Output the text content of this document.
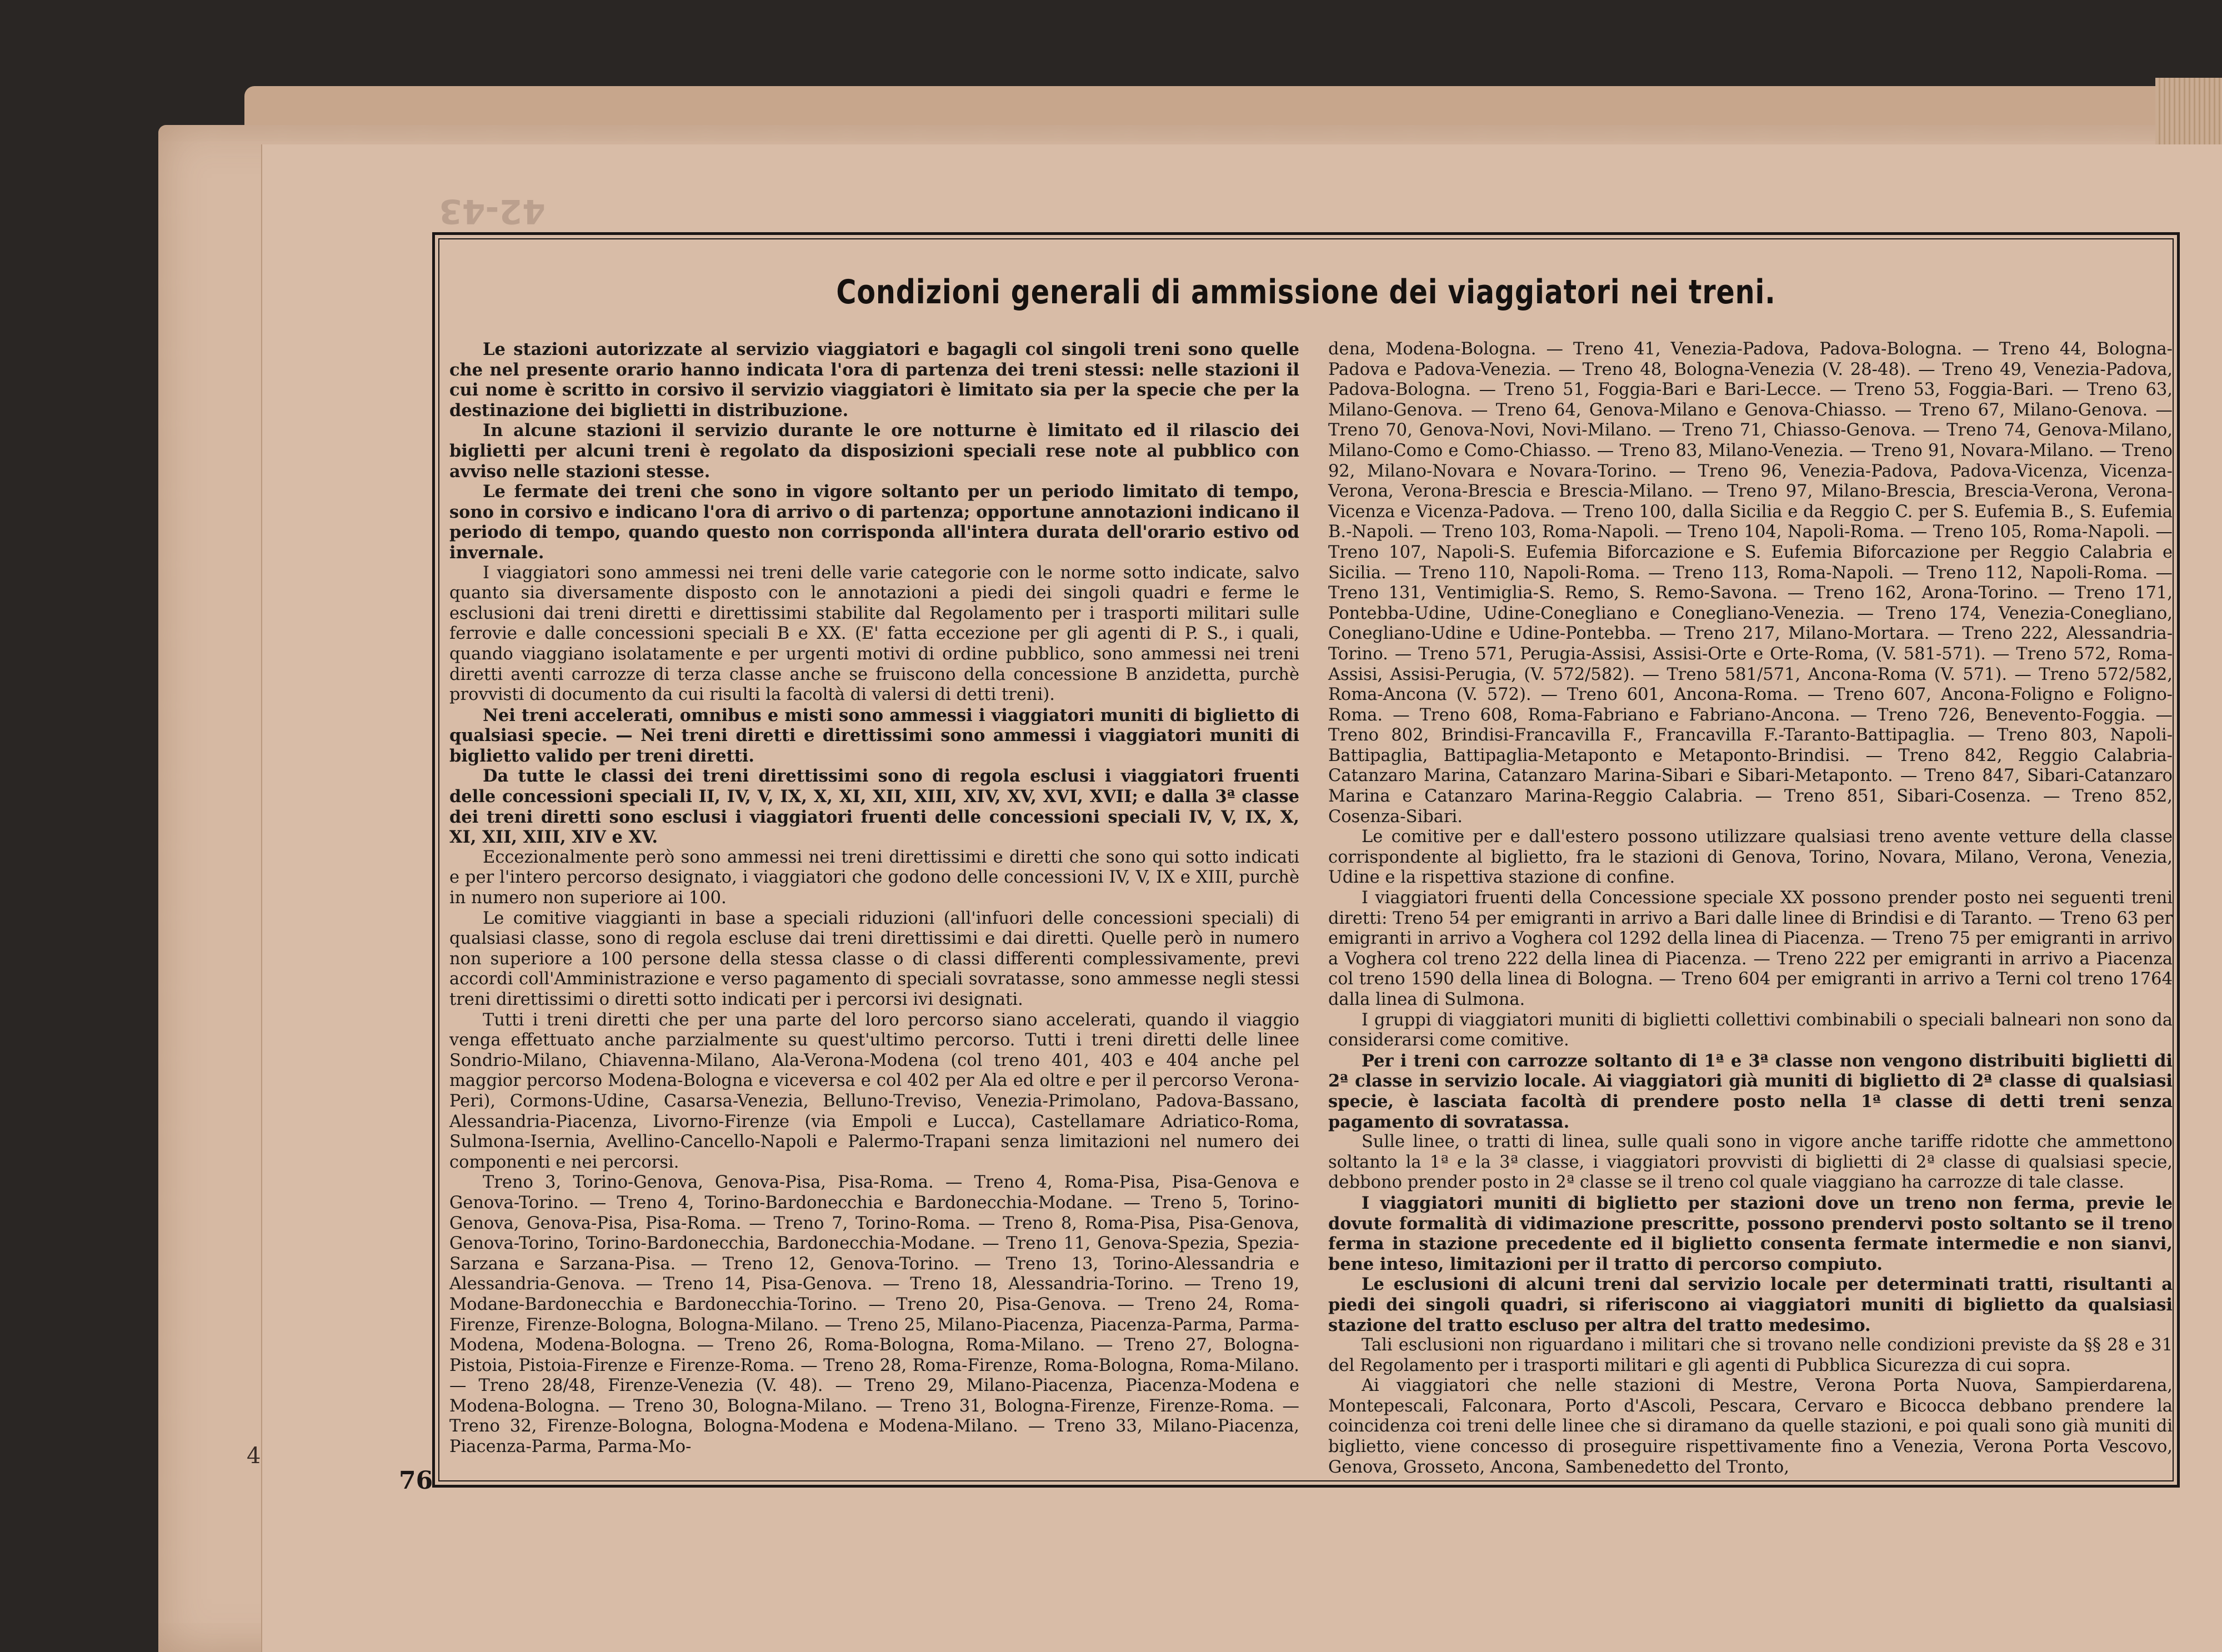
42-43
4
76
Condizioni generali di ammissione dei viaggiatori nei treni.

Le stazioni autorizzate al servizio viaggiatori e bagagli col singoli treni sono quelle che nel presente orario hanno indicata l'ora di partenza dei treni stessi: nelle stazioni il cui nome è scritto in corsivo il servizio viaggiatori è limitato sia per la specie che per la destinazione dei biglietti in distribuzione.

In alcune stazioni il servizio durante le ore notturne è limitato ed il rilascio dei biglietti per alcuni treni è regolato da disposizioni speciali rese note al pubblico con avviso nelle stazioni stesse.

Le fermate dei treni che sono in vigore soltanto per un periodo limitato di tempo, sono in corsivo e indicano l'ora di arrivo o di partenza; opportune annotazioni indicano il periodo di tempo, quando questo non corrisponda all'intera durata dell'orario estivo od invernale.

I viaggiatori sono ammessi nei treni delle varie categorie con le norme sotto indicate, salvo quanto sia diversamente disposto con le annotazioni a piedi dei singoli quadri e ferme le esclusioni dai treni diretti e direttissimi stabilite dal Regolamento per i trasporti militari sulle ferrovie e dalle concessioni speciali B e XX. (E' fatta eccezione per gli agenti di P. S., i quali, quando viaggiano isolatamente e per urgenti motivi di ordine pubblico, sono ammessi nei treni diretti aventi carrozze di terza classe anche se fruiscono della concessione B anzidetta, purchè provvisti di documento da cui risulti la facoltà di valersi di detti treni).

Nei treni accelerati, omnibus e misti sono ammessi i viaggiatori muniti di biglietto di qualsiasi specie. — Nei treni diretti e direttissimi sono ammessi i viaggiatori muniti di biglietto valido per treni diretti.

Da tutte le classi dei treni direttissimi sono di regola esclusi i viaggiatori fruenti delle concessioni speciali II, IV, V, IX, X, XI, XII, XIII, XIV, XV, XVI, XVII; e dalla 3ª classe dei treni diretti sono esclusi i viaggiatori fruenti delle concessioni speciali IV, V, IX, X, XI, XII, XIII, XIV e XV.

Eccezionalmente però sono ammessi nei treni direttissimi e diretti che sono qui sotto indicati e per l'intero percorso designato, i viaggiatori che godono delle concessioni IV, V, IX e XIII, purchè in numero non superiore ai 100.

Le comitive viaggianti in base a speciali riduzioni (all'infuori delle concessioni speciali) di qualsiasi classe, sono di regola escluse dai treni direttissimi e dai diretti. Quelle però in numero non superiore a 100 persone della stessa classe o di classi differenti complessivamente, previ accordi coll'Amministrazione e verso pagamento di speciali sovratasse, sono ammesse negli stessi treni direttissimi o diretti sotto indicati per i percorsi ivi designati.

Tutti i treni diretti che per una parte del loro percorso siano accelerati, quando il viaggio venga effettuato anche parzialmente su quest'ultimo percorso. Tutti i treni diretti delle linee Sondrio-Milano, Chiavenna-Milano, Ala-Verona-Modena (col treno 401, 403 e 404 anche pel maggior percorso Modena-Bologna e viceversa e col 402 per Ala ed oltre e per il percorso Verona-Peri), Cormons-Udine, Casarsa-Venezia, Belluno-Treviso, Venezia-Primolano, Padova-Bassano, Alessandria-Piacenza, Livorno-Firenze (via Empoli e Lucca), Castellamare Adriatico-Roma, Sulmona-Isernia, Avellino-Cancello-Napoli e Palermo-Trapani senza limitazioni nel numero dei componenti e nei percorsi.

Treno 3, Torino-Genova, Genova-Pisa, Pisa-Roma. — Treno 4, Roma-Pisa, Pisa-Genova e Genova-Torino. — Treno 4, Torino-Bardonecchia e Bardonecchia-Modane. — Treno 5, Torino-Genova, Genova-Pisa, Pisa-Roma. — Treno 7, Torino-Roma. — Treno 8, Roma-Pisa, Pisa-Genova, Genova-Torino, Torino-Bardonecchia, Bardonecchia-Modane. — Treno 11, Genova-Spezia, Spezia-Sarzana e Sarzana-Pisa. — Treno 12, Genova-Torino. — Treno 13, Torino-Alessandria e Alessandria-Genova. — Treno 14, Pisa-Genova. — Treno 18, Alessandria-Torino. — Treno 19, Modane-Bardonecchia e Bardonecchia-Torino. — Treno 20, Pisa-Genova. — Treno 24, Roma-Firenze, Firenze-Bologna, Bologna-Milano. — Treno 25, Milano-Piacenza, Piacenza-Parma, Parma-Modena, Modena-Bologna. — Treno 26, Roma-Bologna, Roma-Milano. — Treno 27, Bologna-Pistoia, Pistoia-Firenze e Firenze-Roma. — Treno 28, Roma-Firenze, Roma-Bologna, Roma-Milano. — Treno 28/48, Firenze-Venezia (V. 48). — Treno 29, Milano-Piacenza, Piacenza-Modena e Modena-Bologna. — Treno 30, Bologna-Milano. — Treno 31, Bologna-Firenze, Firenze-Roma. — Treno 32, Firenze-Bologna, Bologna-Modena e Modena-Milano. — Treno 33, Milano-Piacenza, Piacenza-Parma, Parma-Mo-

dena, Modena-Bologna. — Treno 41, Venezia-Padova, Padova-Bologna. — Treno 44, Bologna-Padova e Padova-Venezia. — Treno 48, Bologna-Venezia (V. 28-48). — Treno 49, Venezia-Padova, Padova-Bologna. — Treno 51, Foggia-Bari e Bari-Lecce. — Treno 53, Foggia-Bari. — Treno 63, Milano-Genova. — Treno 64, Genova-Milano e Genova-Chiasso. — Treno 67, Milano-Genova. — Treno 70, Genova-Novi, Novi-Milano. — Treno 71, Chiasso-Genova. — Treno 74, Genova-Milano, Milano-Como e Como-Chiasso. — Treno 83, Milano-Venezia. — Treno 91, Novara-Milano. — Treno 92, Milano-Novara e Novara-Torino. — Treno 96, Venezia-Padova, Padova-Vicenza, Vicenza-Verona, Verona-Brescia e Brescia-Milano. — Treno 97, Milano-Brescia, Brescia-Verona, Verona-Vicenza e Vicenza-Padova. — Treno 100, dalla Sicilia e da Reggio C. per S. Eufemia B., S. Eufemia B.-Napoli. — Treno 103, Roma-Napoli. — Treno 104, Napoli-Roma. — Treno 105, Roma-Napoli. — Treno 107, Napoli-S. Eufemia Biforcazione e S. Eufemia Biforcazione per Reggio Calabria e Sicilia. — Treno 110, Napoli-Roma. — Treno 113, Roma-Napoli. — Treno 112, Napoli-Roma. — Treno 131, Ventimiglia-S. Remo, S. Remo-Savona. — Treno 162, Arona-Torino. — Treno 171, Pontebba-Udine, Udine-Conegliano e Conegliano-Venezia. — Treno 174, Venezia-Conegliano, Conegliano-Udine e Udine-Pontebba. — Treno 217, Milano-Mortara. — Treno 222, Alessandria-Torino. — Treno 571, Perugia-Assisi, Assisi-Orte e Orte-Roma, (V. 581-571). — Treno 572, Roma-Assisi, Assisi-Perugia, (V. 572/582). — Treno 581/571, Ancona-Roma (V. 571). — Treno 572/582, Roma-Ancona (V. 572). — Treno 601, Ancona-Roma. — Treno 607, Ancona-Foligno e Foligno-Roma. — Treno 608, Roma-Fabriano e Fabriano-Ancona. — Treno 726, Benevento-Foggia. — Treno 802, Brindisi-Francavilla F., Francavilla F.-Taranto-Battipaglia. — Treno 803, Napoli-Battipaglia, Battipaglia-Metaponto e Metaponto-Brindisi. — Treno 842, Reggio Calabria-Catanzaro Marina, Catanzaro Marina-Sibari e Sibari-Metaponto. — Treno 847, Sibari-Catanzaro Marina e Catanzaro Marina-Reggio Calabria. — Treno 851, Sibari-Cosenza. — Treno 852, Cosenza-Sibari.

Le comitive per e dall'estero possono utilizzare qualsiasi treno avente vetture della classe corrispondente al biglietto, fra le stazioni di Genova, Torino, Novara, Milano, Verona, Venezia, Udine e la rispettiva stazione di confine.

I viaggiatori fruenti della Concessione speciale XX possono prender posto nei seguenti treni diretti: Treno 54 per emigranti in arrivo a Bari dalle linee di Brindisi e di Taranto. — Treno 63 per emigranti in arrivo a Voghera col 1292 della linea di Piacenza. — Treno 75 per emigranti in arrivo a Voghera col treno 222 della linea di Piacenza. — Treno 222 per emigranti in arrivo a Piacenza col treno 1590 della linea di Bologna. — Treno 604 per emigranti in arrivo a Terni col treno 1764 dalla linea di Sulmona.

I gruppi di viaggiatori muniti di biglietti collettivi combinabili o speciali balneari non sono da considerarsi come comitive.

Per i treni con carrozze soltanto di 1ª e 3ª classe non vengono distribuiti biglietti di 2ª classe in servizio locale. Ai viaggiatori già muniti di biglietto di 2ª classe di qualsiasi specie, è lasciata facoltà di prendere posto nella 1ª classe di detti treni senza pagamento di sovratassa.

Sulle linee, o tratti di linea, sulle quali sono in vigore anche tariffe ridotte che ammettono soltanto la 1ª e la 3ª classe, i viaggiatori provvisti di biglietti di 2ª classe di qualsiasi specie, debbono prender posto in 2ª classe se il treno col quale viaggiano ha carrozze di tale classe.

I viaggiatori muniti di biglietto per stazioni dove un treno non ferma, previe le dovute formalità di vidimazione prescritte, possono prendervi posto soltanto se il treno ferma in stazione precedente ed il biglietto consenta fermate intermedie e non sianvi, bene inteso, limitazioni per il tratto di percorso compiuto.

Le esclusioni di alcuni treni dal servizio locale per determinati tratti, risultanti a piedi dei singoli quadri, si riferiscono ai viaggiatori muniti di biglietto da qualsiasi stazione del tratto escluso per altra del tratto medesimo.

Tali esclusioni non riguardano i militari che si trovano nelle condizioni previste da §§ 28 e 31 del Regolamento per i trasporti militari e gli agenti di Pubblica Sicurezza di cui sopra.

Ai viaggiatori che nelle stazioni di Mestre, Verona Porta Nuova, Sampierdarena, Montepescali, Falconara, Porto d'Ascoli, Pescara, Cervaro e Bicocca debbano prendere la coincidenza coi treni delle linee che si diramano da quelle stazioni, e poi quali sono già muniti di biglietto, viene concesso di proseguire rispettivamente fino a Venezia, Verona Porta Vescovo, Genova, Grosseto, Ancona, Sambenedetto del Tronto,
